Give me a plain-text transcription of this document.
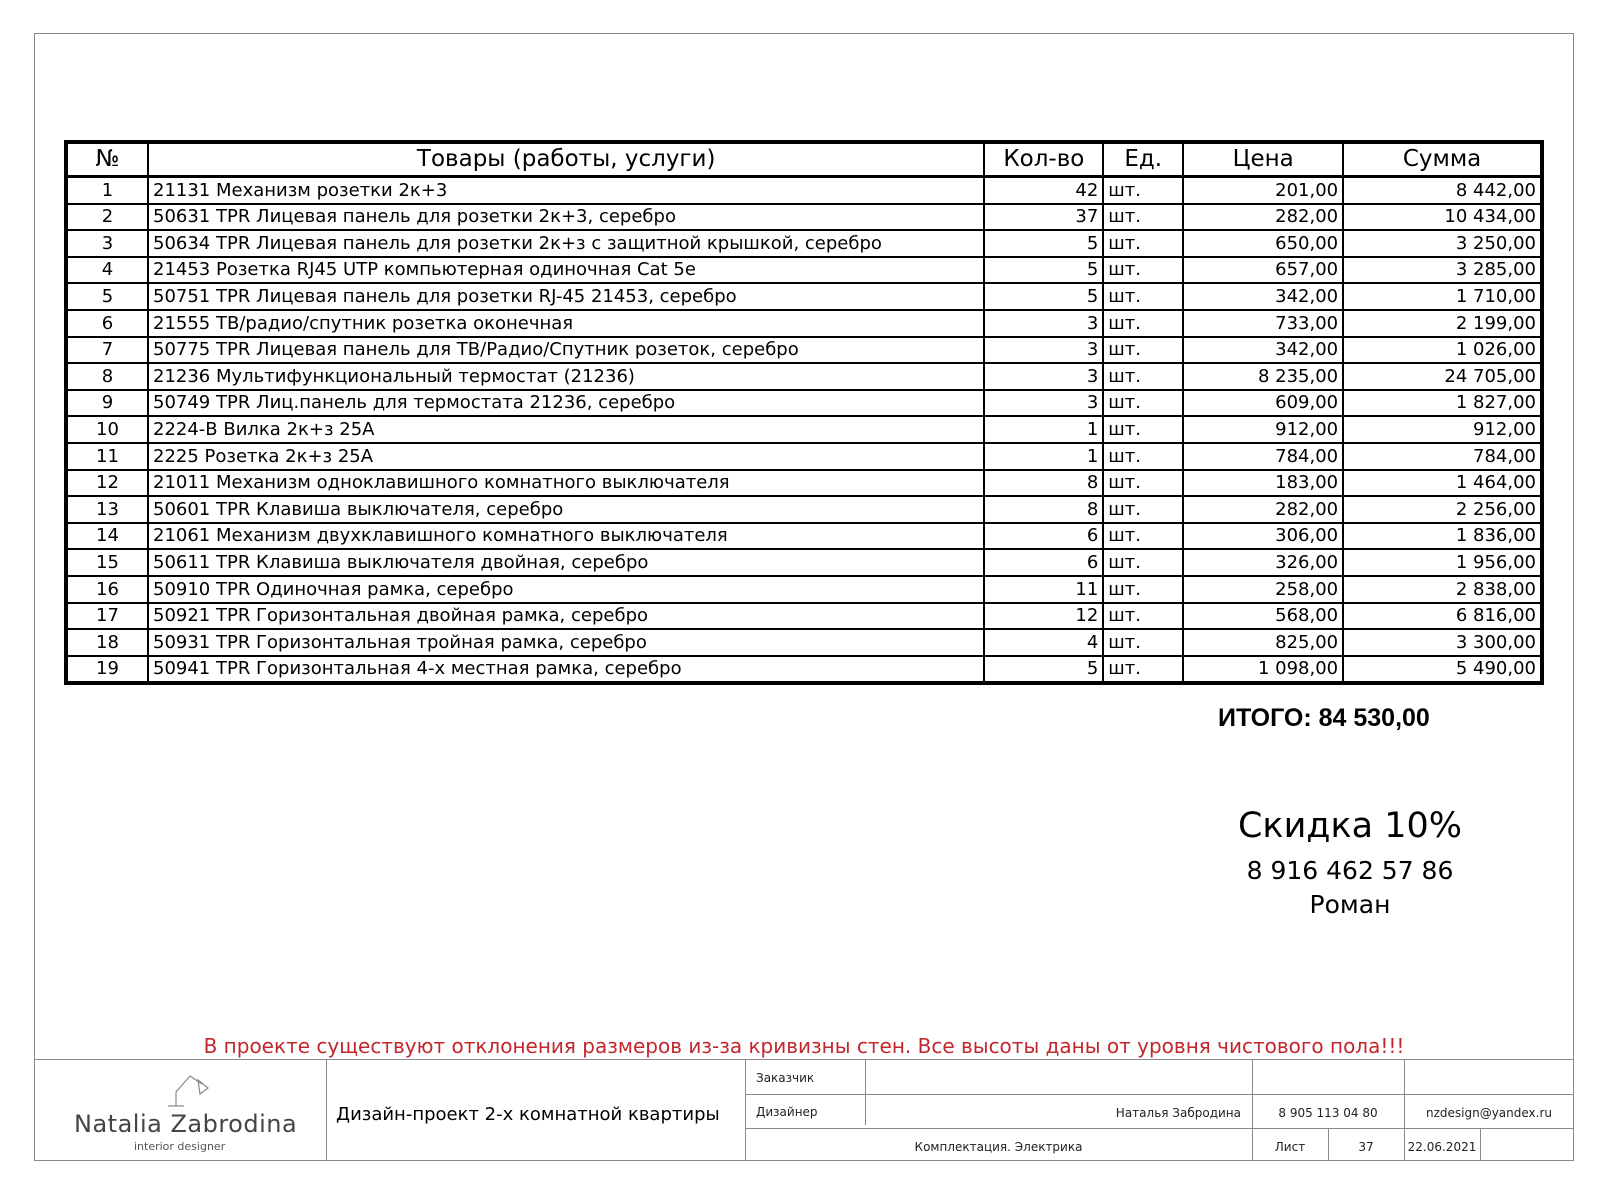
№	Товары (работы, услуги)	Кол-во	Ед.	Цена	Сумма
1	21131 Механизм розетки 2к+3	42	шт.	201,00	8 442,00
2	50631 TPR Лицевая панель для розетки 2к+3, серебро	37	шт.	282,00	10 434,00
3	50634 TPR Лицевая панель для розетки 2к+з с защитной крышкой, серебро	5	шт.	650,00	3 250,00
4	21453 Розетка RJ45 UTP компьютерная одиночная Cat 5e	5	шт.	657,00	3 285,00
5	50751 TPR Лицевая панель для розетки RJ-45 21453, серебро	5	шт.	342,00	1 710,00
6	21555 ТВ/радио/спутник розетка оконечная	3	шт.	733,00	2 199,00
7	50775 TPR Лицевая панель для ТВ/Радио/Спутник розеток, серебро	3	шт.	342,00	1 026,00
8	21236 Мультифункциональный термостат (21236)	3	шт.	8 235,00	24 705,00
9	50749 TPR Лиц.панель для термостата 21236, серебро	3	шт.	609,00	1 827,00
10	2224-В Вилка 2к+з 25А	1	шт.	912,00	912,00
11	2225 Розетка 2к+з 25А	1	шт.	784,00	784,00
12	21011 Механизм одноклавишного комнатного выключателя	8	шт.	183,00	1 464,00
13	50601 TPR Клавиша выключателя, серебро	8	шт.	282,00	2 256,00
14	21061 Механизм двухклавишного комнатного выключателя	6	шт.	306,00	1 836,00
15	50611 TPR Клавиша выключателя двойная, серебро	6	шт.	326,00	1 956,00
16	50910 TPR Одиночная рамка, серебро	11	шт.	258,00	2 838,00
17	50921 TPR Горизонтальная двойная рамка, серебро	12	шт.	568,00	6 816,00
18	50931 TPR Горизонтальная тройная рамка, серебро	4	шт.	825,00	3 300,00
19	50941 TPR Горизонтальная 4-х местная рамка, серебро	5	шт.	1 098,00	5 490,00
ИТОГО: 84 530,00
Скидка 10%
8 916 462 57 86
Роман
В проекте существуют отклонения размеров из-за кривизны стен. Все высоты даны от уровня чистового пола!!!
Natalia Zabrodina
interior designer
Дизайн-проект 2-х комнатной квартиры
Заказчик
Дизайнер	Наталья Забродина	8 905 113 04 80	nzdesign@yandex.ru
Комплектация. Электрика	Лист	37	22.06.2021
